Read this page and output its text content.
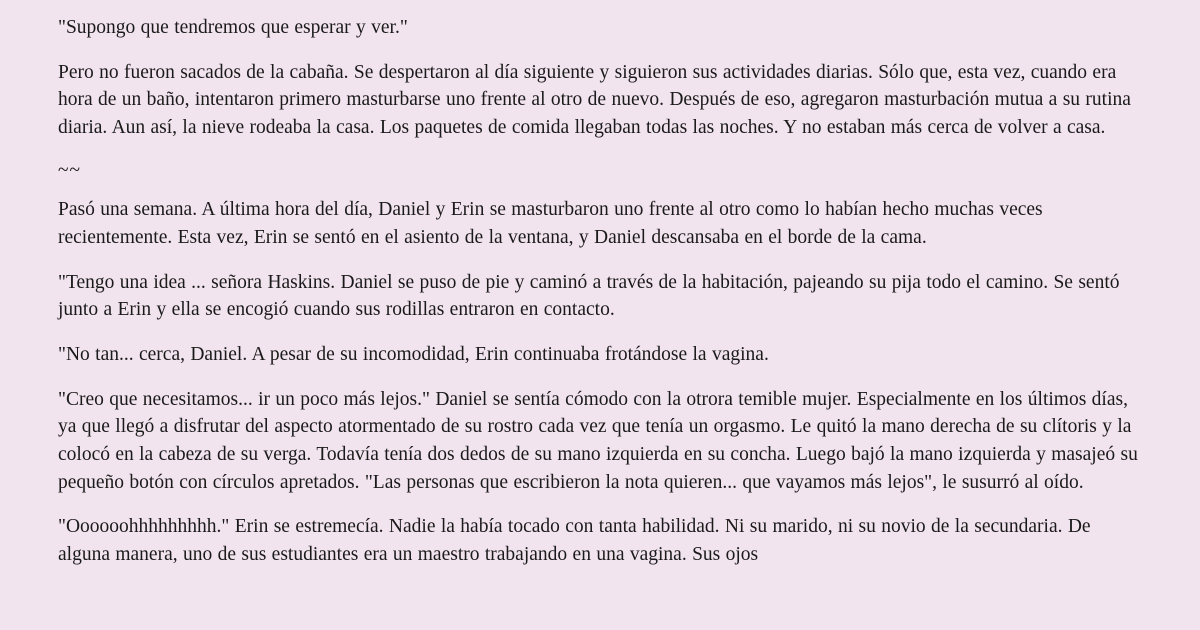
"Supongo que tendremos que esperar y ver."

Pero no fueron sacados de la cabaña. Se despertaron al día siguiente y siguieron sus actividades diarias. Sólo que, esta vez, cuando era hora de un baño, intentaron primero masturbarse uno frente al otro de nuevo. Después de eso, agregaron masturbación mutua a su rutina diaria. Aun así, la nieve rodeaba la casa. Los paquetes de comida llegaban todas las noches. Y no estaban más cerca de volver a casa.

~~

Pasó una semana. A última hora del día, Daniel y Erin se masturbaron uno frente al otro como lo habían hecho muchas veces recientemente. Esta vez, Erin se sentó en el asiento de la ventana, y Daniel descansaba en el borde de la cama.

"Tengo una idea ... señora Haskins. Daniel se puso de pie y caminó a través de la habitación, pajeando su pija todo el camino. Se sentó junto a Erin y ella se encogió cuando sus rodillas entraron en contacto.

"No tan... cerca, Daniel. A pesar de su incomodidad, Erin continuaba frotándose la vagina.

"Creo que necesitamos... ir un poco más lejos." Daniel se sentía cómodo con la otrora temible mujer. Especialmente en los últimos días, ya que llegó a disfrutar del aspecto atormentado de su rostro cada vez que tenía un orgasmo. Le quitó la mano derecha de su clítoris y la colocó en la cabeza de su verga. Todavía tenía dos dedos de su mano izquierda en su concha. Luego bajó la mano izquierda y masajeó su pequeño botón con círculos apretados. "Las personas que escribieron la nota quieren... que vayamos más lejos", le susurró al oído.

"Oooooohhhhhhhhh." Erin se estremecía. Nadie la había tocado con tanta habilidad. Ni su marido, ni su novio de la secundaria. De alguna manera, uno de sus estudiantes era un maestro trabajando en una vagina. Sus ojos
